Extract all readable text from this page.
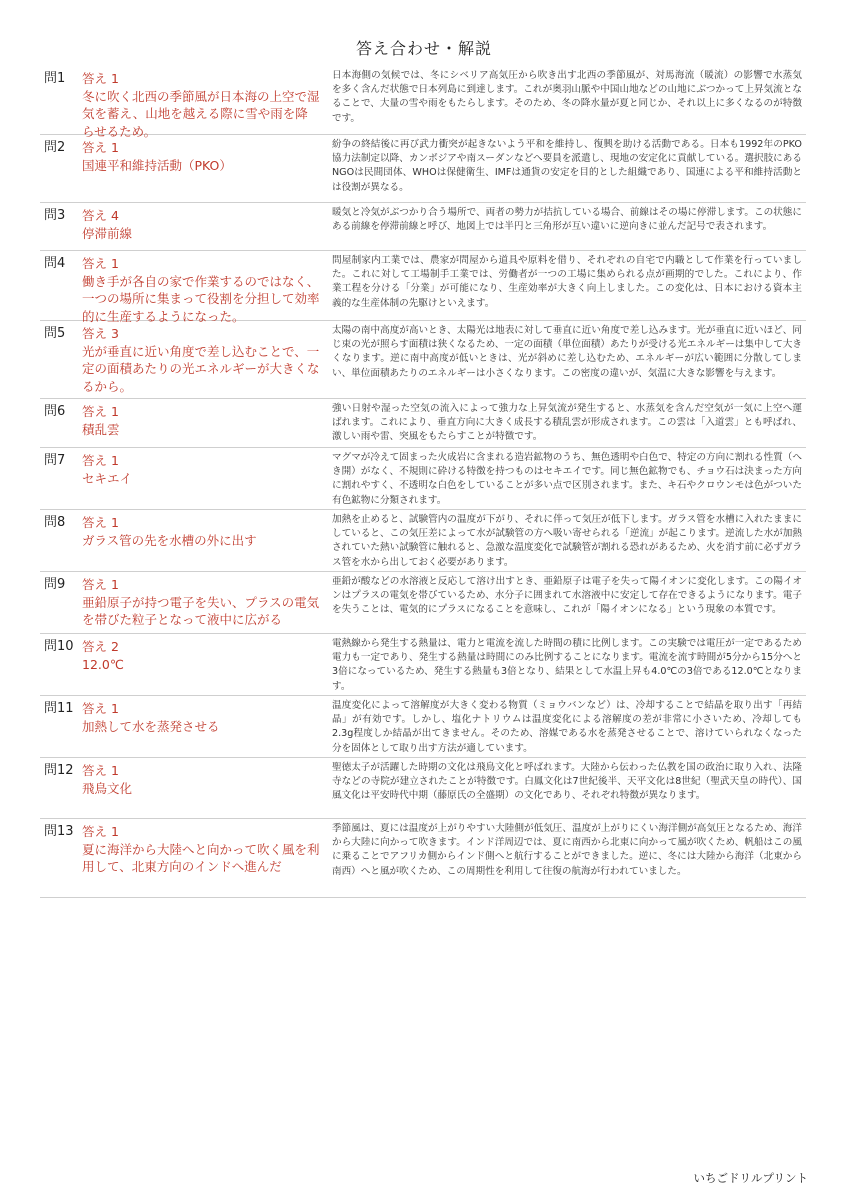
答え合わせ・解説
問1	答え 1
冬に吹く北西の季節風が日本海の上空で湿気を蓄え、山地を越える際に雪や雨を降らせるため。
日本海側の気候では、冬にシベリア高気圧から吹き出す北西の季節風が、対馬海流（暖流）の影響で水蒸気を多く含んだ状態で日本列島に到達します。これが奥羽山脈や中国山地などの山地にぶつかって上昇気流となることで、大量の雪や雨をもたらします。そのため、冬の降水量が夏と同じか、それ以上に多くなるのが特徴です。
問2	答え 1
国連平和維持活動（PKO）
紛争の終結後に再び武力衝突が起きないよう平和を維持し、復興を助ける活動である。日本も1992年のPKO協力法制定以降、カンボジアや南スーダンなどへ要員を派遣し、現地の安定化に貢献している。選択肢にあるNGOは民間団体、WHOは保健衛生、IMFは通貨の安定を目的とした組織であり、国連による平和維持活動とは役割が異なる。
問3	答え 4
停滞前線
暖気と冷気がぶつかり合う場所で、両者の勢力が拮抗している場合、前線はその場に停滞します。この状態にある前線を停滞前線と呼び、地図上では半円と三角形が互い違いに逆向きに並んだ記号で表されます。
問4	答え 1
働き手が各自の家で作業するのではなく、一つの場所に集まって役割を分担して効率的に生産するようになった。
問屋制家内工業では、農家が問屋から道具や原料を借り、それぞれの自宅で内職として作業を行っていました。これに対して工場制手工業では、労働者が一つの工場に集められる点が画期的でした。これにより、作業工程を分ける「分業」が可能になり、生産効率が大きく向上しました。この変化は、日本における資本主義的な生産体制の先駆けといえます。
問5	答え 3
光が垂直に近い角度で差し込むことで、一定の面積あたりの光エネルギーが大きくなるから。
太陽の南中高度が高いとき、太陽光は地表に対して垂直に近い角度で差し込みます。光が垂直に近いほど、同じ束の光が照らす面積は狭くなるため、一定の面積（単位面積）あたりが受ける光エネルギーは集中して大きくなります。逆に南中高度が低いときは、光が斜めに差し込むため、エネルギーが広い範囲に分散してしまい、単位面積あたりのエネルギーは小さくなります。この密度の違いが、気温に大きな影響を与えます。
問6	答え 1
積乱雲
強い日射や湿った空気の流入によって強力な上昇気流が発生すると、水蒸気を含んだ空気が一気に上空へ運ばれます。これにより、垂直方向に大きく成長する積乱雲が形成されます。この雲は「入道雲」とも呼ばれ、激しい雨や雷、突風をもたらすことが特徴です。
問7	答え 1
セキエイ
マグマが冷えて固まった火成岩に含まれる造岩鉱物のうち、無色透明や白色で、特定の方向に割れる性質（へき開）がなく、不規則に砕ける特徴を持つものはセキエイです。同じ無色鉱物でも、チョウ石は決まった方向に割れやすく、不透明な白色をしていることが多い点で区別されます。また、キ石やクロウンモは色がついた有色鉱物に分類されます。
問8	答え 1
ガラス管の先を水槽の外に出す
加熱を止めると、試験管内の温度が下がり、それに伴って気圧が低下します。ガラス管を水槽に入れたままにしていると、この気圧差によって水が試験管の方へ吸い寄せられる「逆流」が起こります。逆流した水が加熱されていた熱い試験管に触れると、急激な温度変化で試験管が割れる恐れがあるため、火を消す前に必ずガラス管を水から出しておく必要があります。
問9	答え 1
亜鉛原子が持つ電子を失い、プラスの電気を帯びた粒子となって液中に広がる
亜鉛が酸などの水溶液と反応して溶け出すとき、亜鉛原子は電子を失って陽イオンに変化します。この陽イオンはプラスの電気を帯びているため、水分子に囲まれて水溶液中に安定して存在できるようになります。電子を失うことは、電気的にプラスになることを意味し、これが「陽イオンになる」という現象の本質です。
問10 答え 2
12.0℃
電熱線から発生する熱量は、電力と電流を流した時間の積に比例します。この実験では電圧が一定であるため電力も一定であり、発生する熱量は時間にのみ比例することになります。電流を流す時間が5分から15分へと3倍になっているため、発生する熱量も3倍となり、結果として水温上昇も4.0℃の3倍である12.0℃となります。
問11 答え 1
加熱して水を蒸発させる
温度変化によって溶解度が大きく変わる物質（ミョウバンなど）は、冷却することで結晶を取り出す「再結晶」が有効です。しかし、塩化ナトリウムは温度変化による溶解度の差が非常に小さいため、冷却しても2.3g程度しか結晶が出てきません。そのため、溶媒である水を蒸発させることで、溶けていられなくなった分を固体として取り出す方法が適しています。
問12 答え 1
飛鳥文化
聖徳太子が活躍した時期の文化は飛鳥文化と呼ばれます。大陸から伝わった仏教を国の政治に取り入れ、法隆寺などの寺院が建立されたことが特徴です。白鳳文化は7世紀後半、天平文化は8世紀（聖武天皇の時代）、国風文化は平安時代中期（藤原氏の全盛期）の文化であり、それぞれ特徴が異なります。
問13 答え 1
夏に海洋から大陸へと向かって吹く風を利用して、北東方向のインドへ進んだ
季節風は、夏には温度が上がりやすい大陸側が低気圧、温度が上がりにくい海洋側が高気圧となるため、海洋から大陸に向かって吹きます。インド洋周辺では、夏に南西から北東に向かって風が吹くため、帆船はこの風に乗ることでアフリカ側からインド側へと航行することができました。逆に、冬には大陸から海洋（北東から南西）へと風が吹くため、この周期性を利用して往復の航海が行われていました。
いちごドリルプリント
